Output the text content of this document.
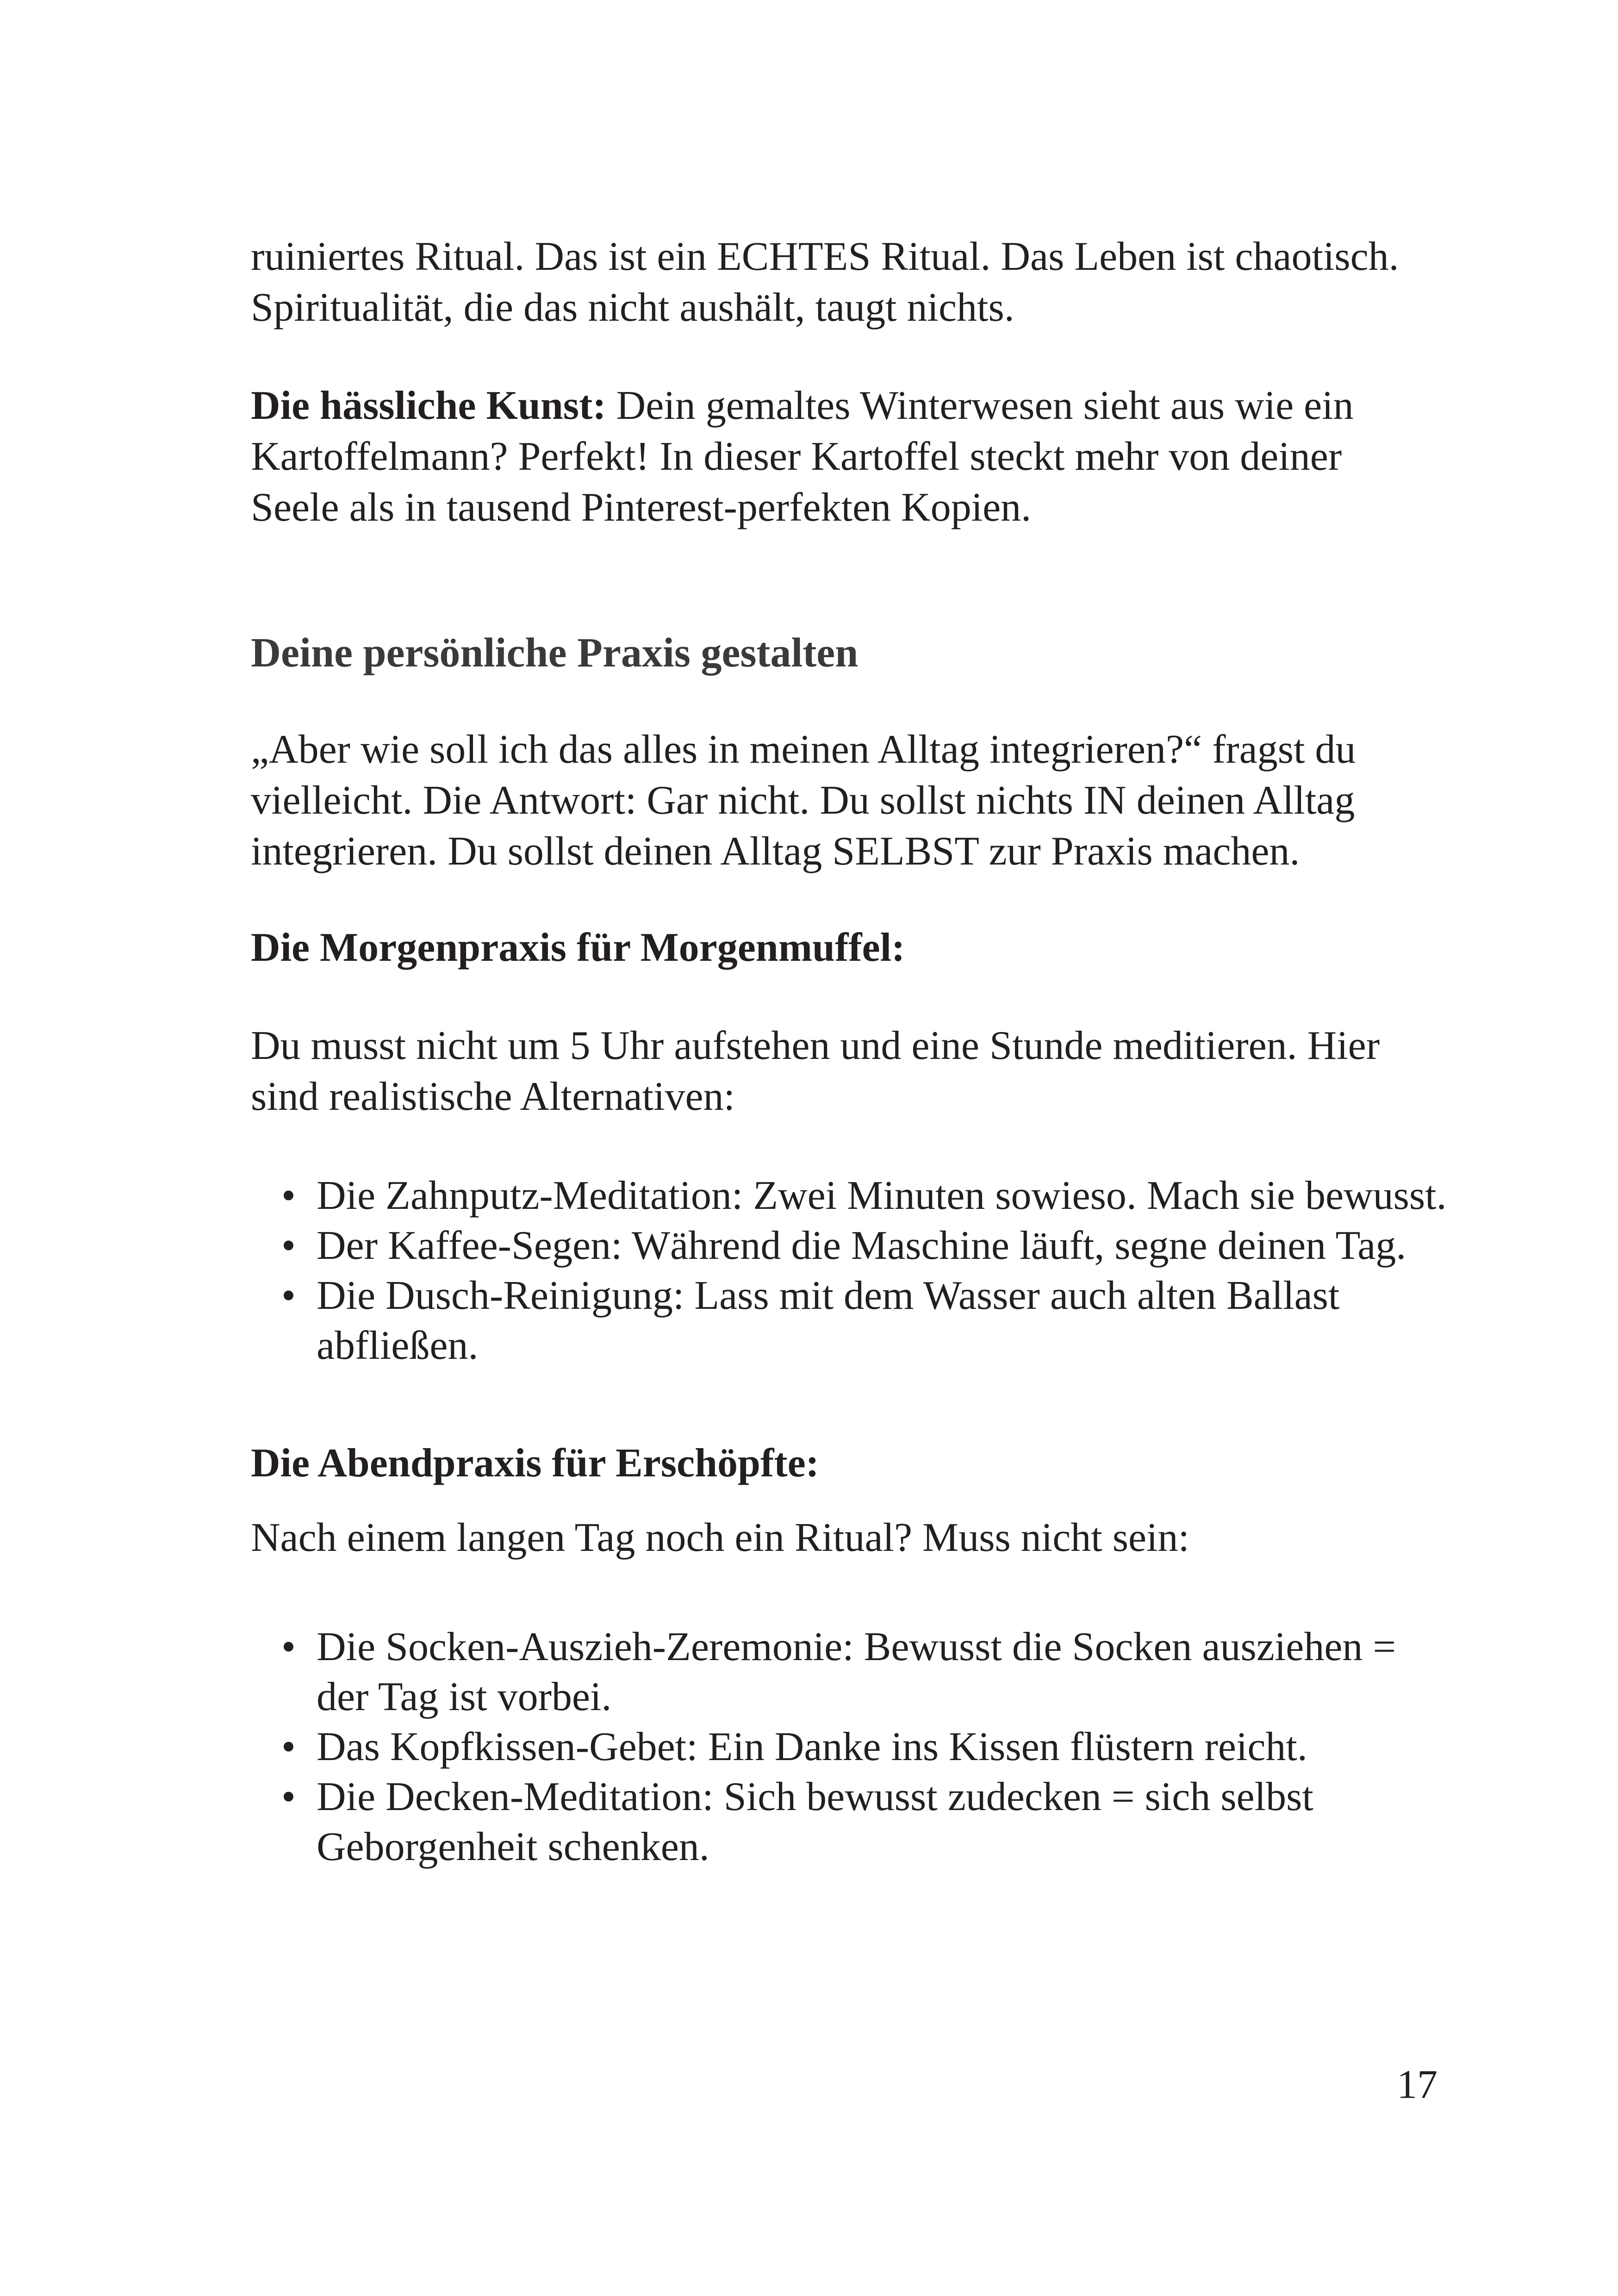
ruiniertes Ritual. Das ist ein ECHTES Ritual. Das Leben ist chaotisch. Spiritualität, die das nicht aushält, taugt nichts.

Die hässliche Kunst: Dein gemaltes Winterwesen sieht aus wie ein Kartoffelmann? Perfekt! In dieser Kartoffel steckt mehr von deiner Seele als in tausend Pinterest-perfekten Kopien.

Deine persönliche Praxis gestalten

„Aber wie soll ich das alles in meinen Alltag integrieren?“ fragst du vielleicht. Die Antwort: Gar nicht. Du sollst nichts IN deinen Alltag integrieren. Du sollst deinen Alltag SELBST zur Praxis machen.

Die Morgenpraxis für Morgenmuffel:

Du musst nicht um 5 Uhr aufstehen und eine Stunde meditieren. Hier sind realistische Alternativen:

• Die Zahnputz-Meditation: Zwei Minuten sowieso. Mach sie bewusst.
• Der Kaffee-Segen: Während die Maschine läuft, segne deinen Tag.
• Die Dusch-Reinigung: Lass mit dem Wasser auch alten Ballast abfließen.
Die Abendpraxis für Erschöpfte:

Nach einem langen Tag noch ein Ritual? Muss nicht sein:

• Die Socken-Auszieh-Zeremonie: Bewusst die Socken ausziehen = der Tag ist vorbei.
• Das Kopfkissen-Gebet: Ein Danke ins Kissen flüstern reicht.
• Die Decken-Meditation: Sich bewusst zudecken = sich selbst Geborgenheit schenken.
17
